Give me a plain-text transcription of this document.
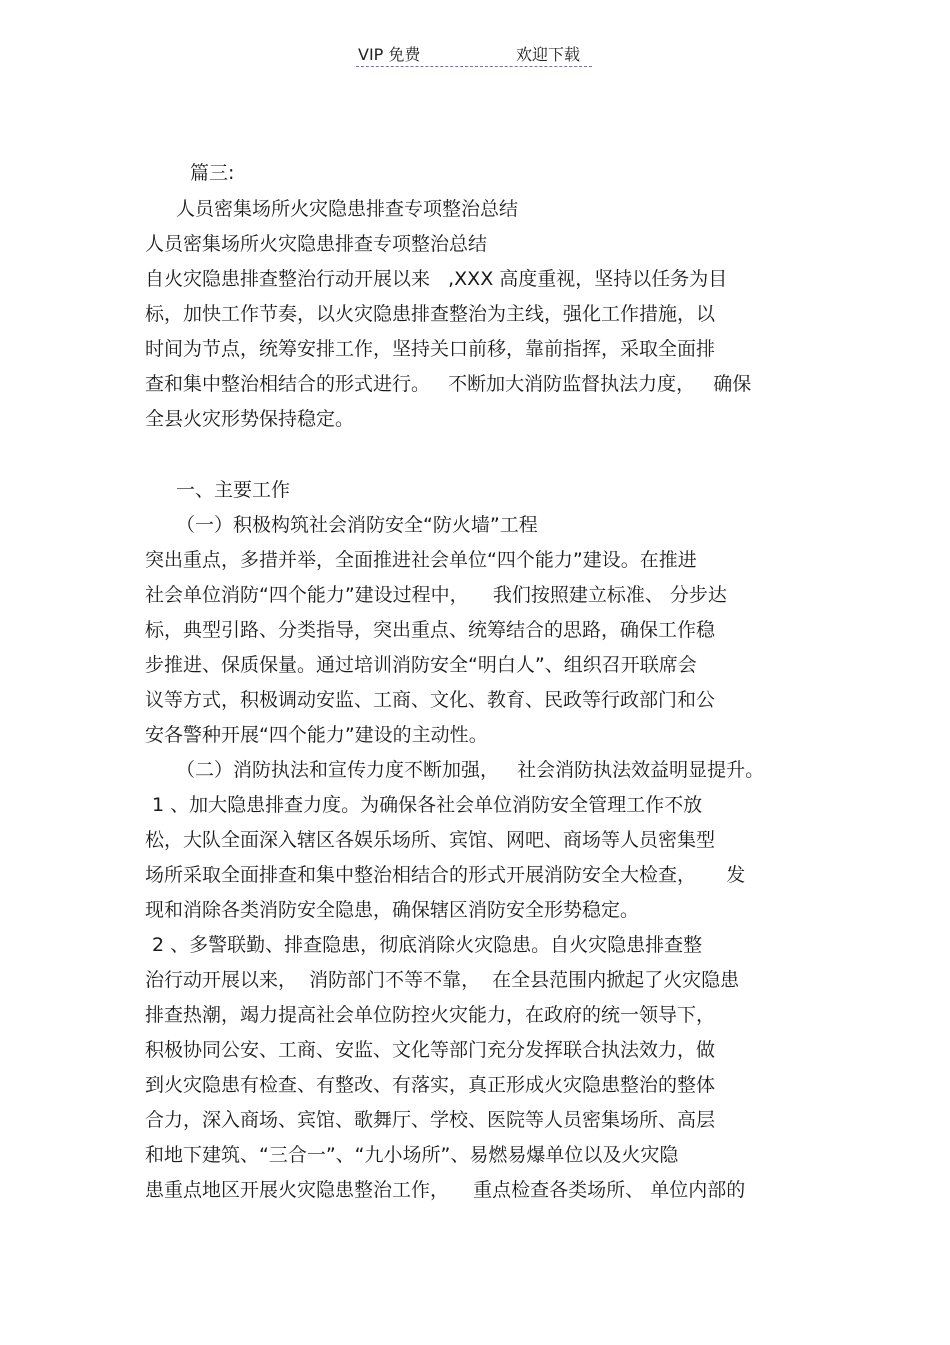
VIP 免费	欢迎下载
篇三:
人员密集场所火灾隐患排查专项整治总结
人员密集场所火灾隐患排查专项整治总结
自火灾隐患排查整治行动开展以来   ,XXX 高度重视，坚持以任务为目
标，加快工作节奏，以火灾隐患排查整治为主线，强化工作措施，以
时间为节点，统筹安排工作，坚持关口前移，靠前指挥，采取全面排
查和集中整治相结合的形式进行。   不断加大消防监督执法力度，   确保
全县火灾形势保持稳定。
一、主要工作
（一）积极构筑社会消防安全“防火墙”工程
突出重点，多措并举，全面推进社会单位“四个能力”建设。在推进
社会单位消防“四个能力”建设过程中，    我们按照建立标准、 分步达
标，典型引路、分类指导，突出重点、统筹结合的思路，确保工作稳
步推进、保质保量。通过培训消防安全“明白人”、组织召开联席会
议等方式，积极调动安监、工商、文化、教育、民政等行政部门和公
安各警种开展“四个能力”建设的主动性。
（二）消防执法和宣传力度不断加强，   社会消防执法效益明显提升。
1 、加大隐患排查力度。为确保各社会单位消防安全管理工作不放
松，大队全面深入辖区各娱乐场所、宾馆、网吧、商场等人员密集型
场所采取全面排查和集中整治相结合的形式开展消防安全大检查，     发
现和消除各类消防安全隐患，确保辖区消防安全形势稳定。
2 、多警联勤、排查隐患，彻底消除火灾隐患。自火灾隐患排查整
治行动开展以来，  消防部门不等不靠，  在全县范围内掀起了火灾隐患
排查热潮，竭力提高社会单位防控火灾能力，在政府的统一领导下，
积极协同公安、工商、安监、文化等部门充分发挥联合执法效力，做
到火灾隐患有检查、有整改、有落实，真正形成火灾隐患整治的整体
合力，深入商场、宾馆、歌舞厅、学校、医院等人员密集场所、高层
和地下建筑、“三合一”、“九小场所”、易燃易爆单位以及火灾隐
患重点地区开展火灾隐患整治工作，    重点检查各类场所、 单位内部的
